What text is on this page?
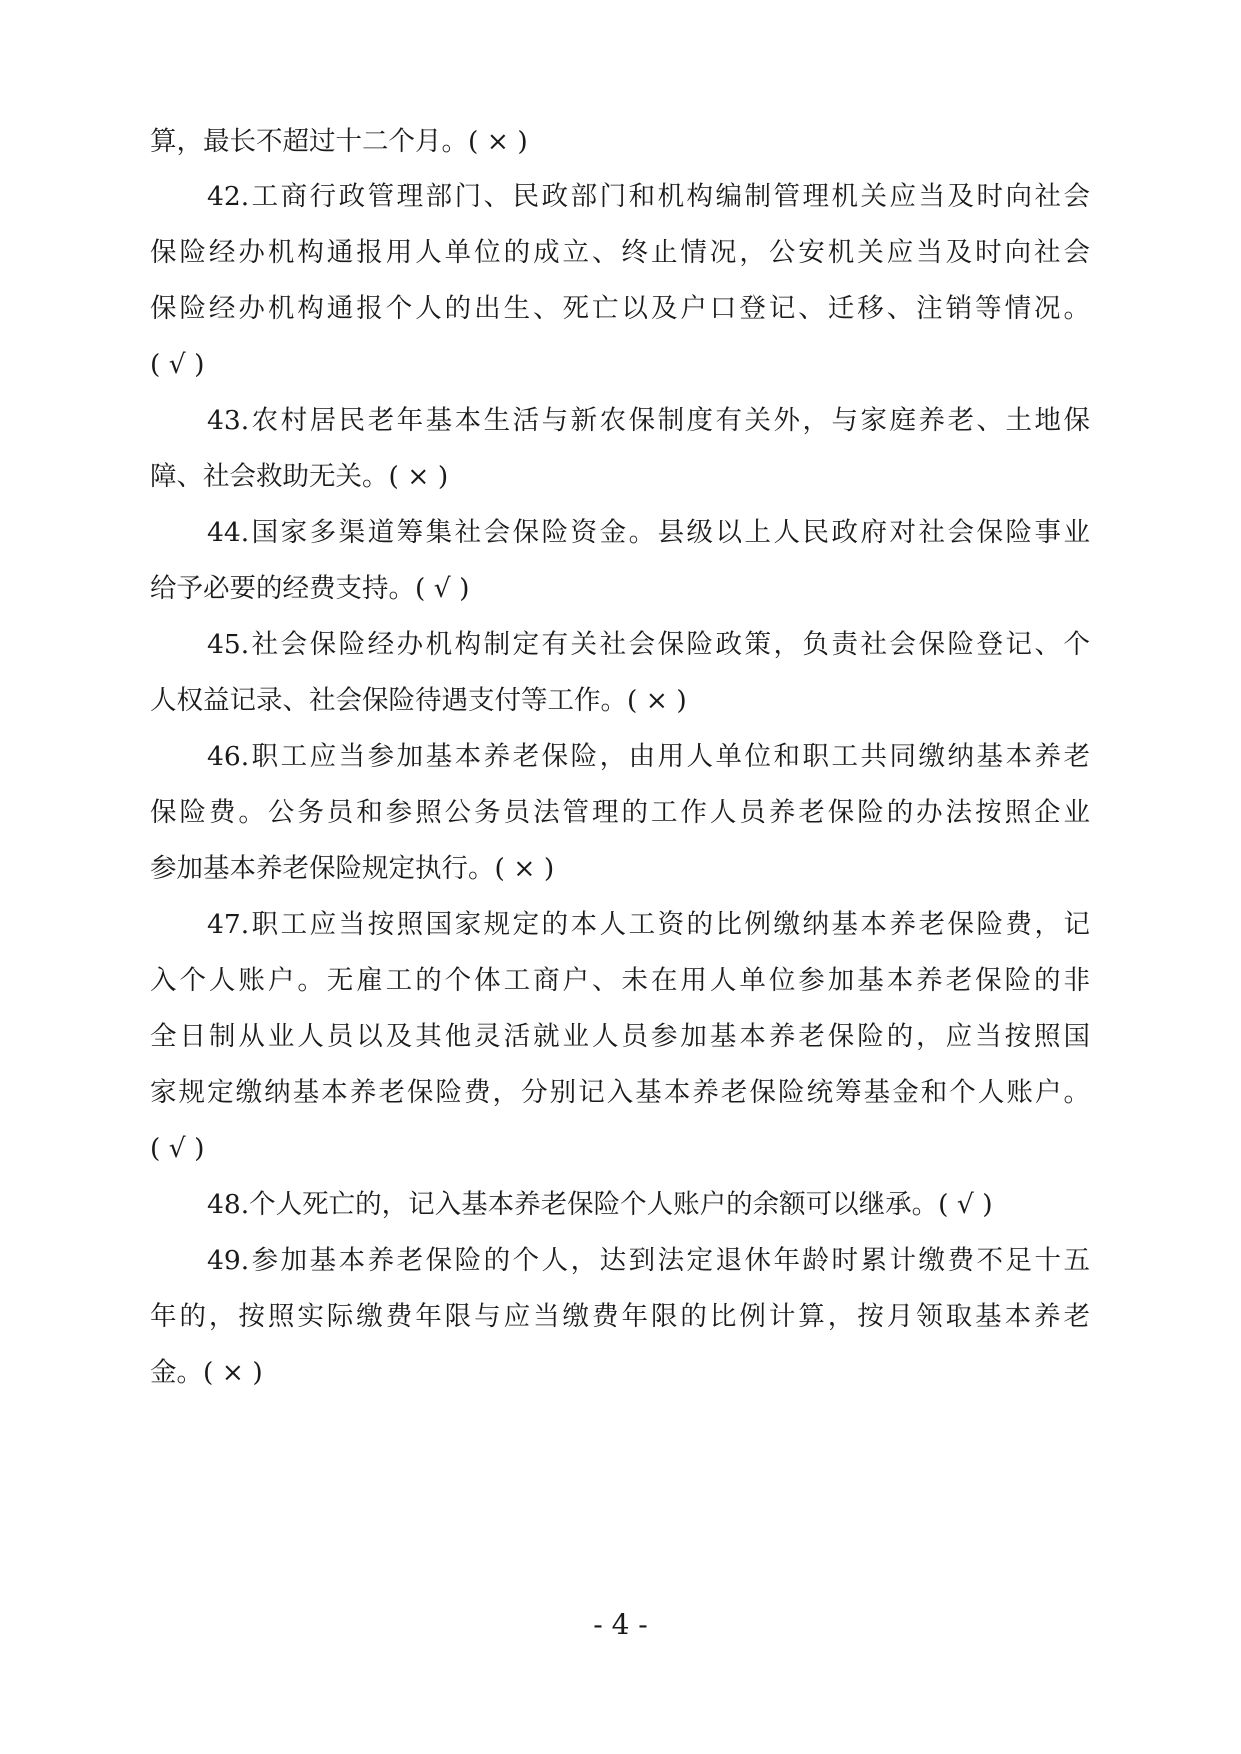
算，最长不超过十二个月。( × )
42.工商行政管理部门、民政部门和机构编制管理机关应当及时向社会
保险经办机构通报用人单位的成立、终止情况，公安机关应当及时向社会
保险经办机构通报个人的出生、死亡以及户口登记、迁移、注销等情况。
( √ )
43.农村居民老年基本生活与新农保制度有关外，与家庭养老、土地保
障、社会救助无关。( × )
44.国家多渠道筹集社会保险资金。县级以上人民政府对社会保险事业
给予必要的经费支持。( √ )
45.社会保险经办机构制定有关社会保险政策，负责社会保险登记、个
人权益记录、社会保险待遇支付等工作。( × )
46.职工应当参加基本养老保险，由用人单位和职工共同缴纳基本养老
保险费。公务员和参照公务员法管理的工作人员养老保险的办法按照企业
参加基本养老保险规定执行。( × )
47.职工应当按照国家规定的本人工资的比例缴纳基本养老保险费，记
入个人账户。无雇工的个体工商户、未在用人单位参加基本养老保险的非
全日制从业人员以及其他灵活就业人员参加基本养老保险的，应当按照国
家规定缴纳基本养老保险费，分别记入基本养老保险统筹基金和个人账户。
( √ )
48.个人死亡的，记入基本养老保险个人账户的余额可以继承。( √ )
49.参加基本养老保险的个人，达到法定退休年龄时累计缴费不足十五
年的，按照实际缴费年限与应当缴费年限的比例计算，按月领取基本养老
金。( × )
- 4 -
